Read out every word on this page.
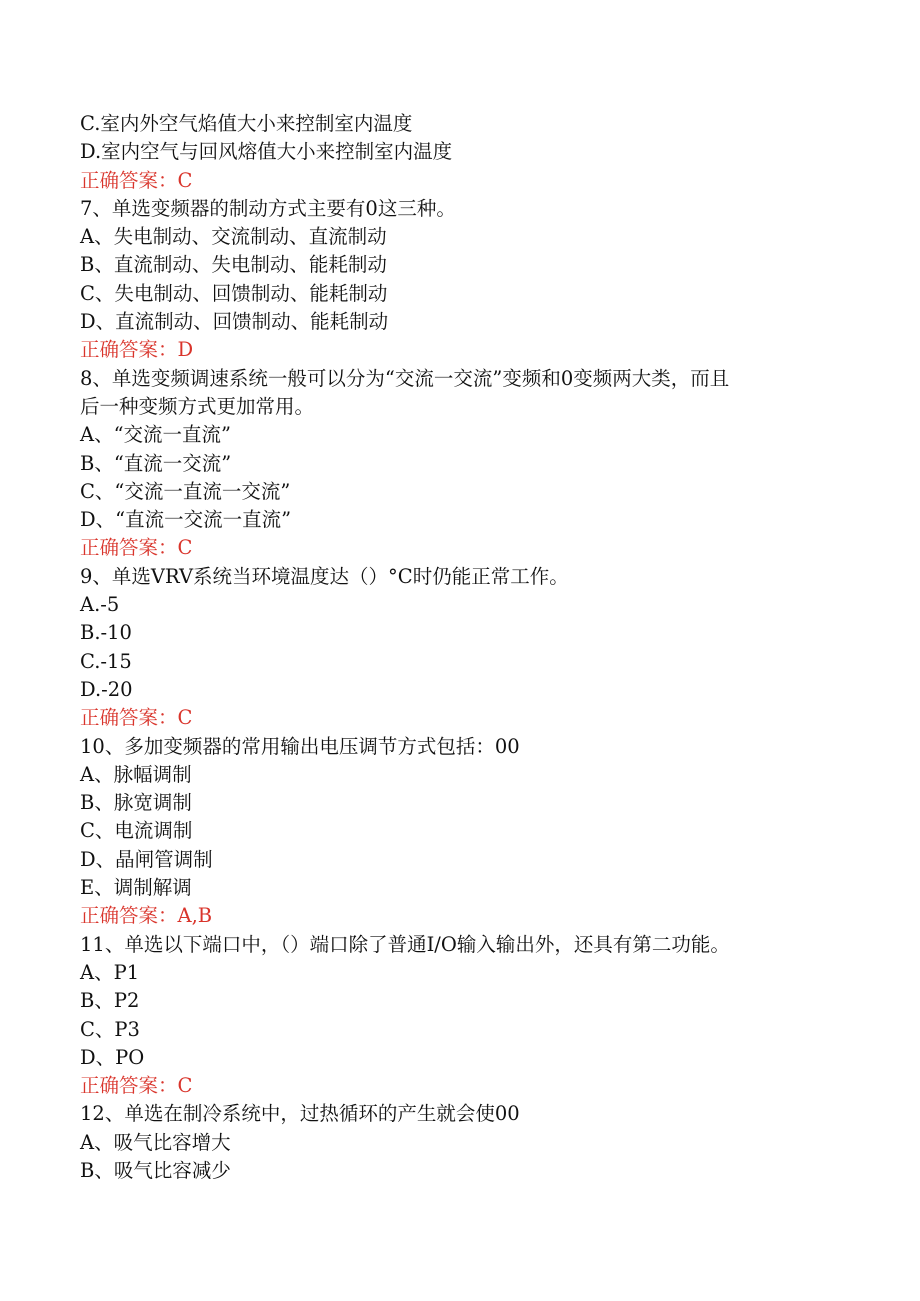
C.室内外空气焰值大小来控制室内温度
D.室内空气与回风熔值大小来控制室内温度
正确答案：C
7、单选变频器的制动方式主要有0这三种。
A、失电制动、交流制动、直流制动
B、直流制动、失电制动、能耗制动
C、失电制动、回馈制动、能耗制动
D、直流制动、回馈制动、能耗制动
正确答案：D
8、单选变频调速系统一般可以分为“交流一交流”变频和0变频两大类，而且
后一种变频方式更加常用。
A、“交流一直流”
B、“直流一交流”
C、“交流一直流一交流”
D、“直流一交流一直流”
正确答案：C
9、单选VRV系统当环境温度达（）°C时仍能正常工作。
A.-5
B.-10
C.-15
D.-20
正确答案：C
10、多加变频器的常用输出电压调节方式包括：00
A、脉幅调制
B、脉宽调制
C、电流调制
D、晶闸管调制
E、调制解调
正确答案：A,B
11、单选以下端口中，（）端口除了普通I/O输入输出外，还具有第二功能。
A、P1
B、P2
C、P3
D、PO
正确答案：C
12、单选在制冷系统中，过热循环的产生就会使00
A、吸气比容增大
B、吸气比容减少
